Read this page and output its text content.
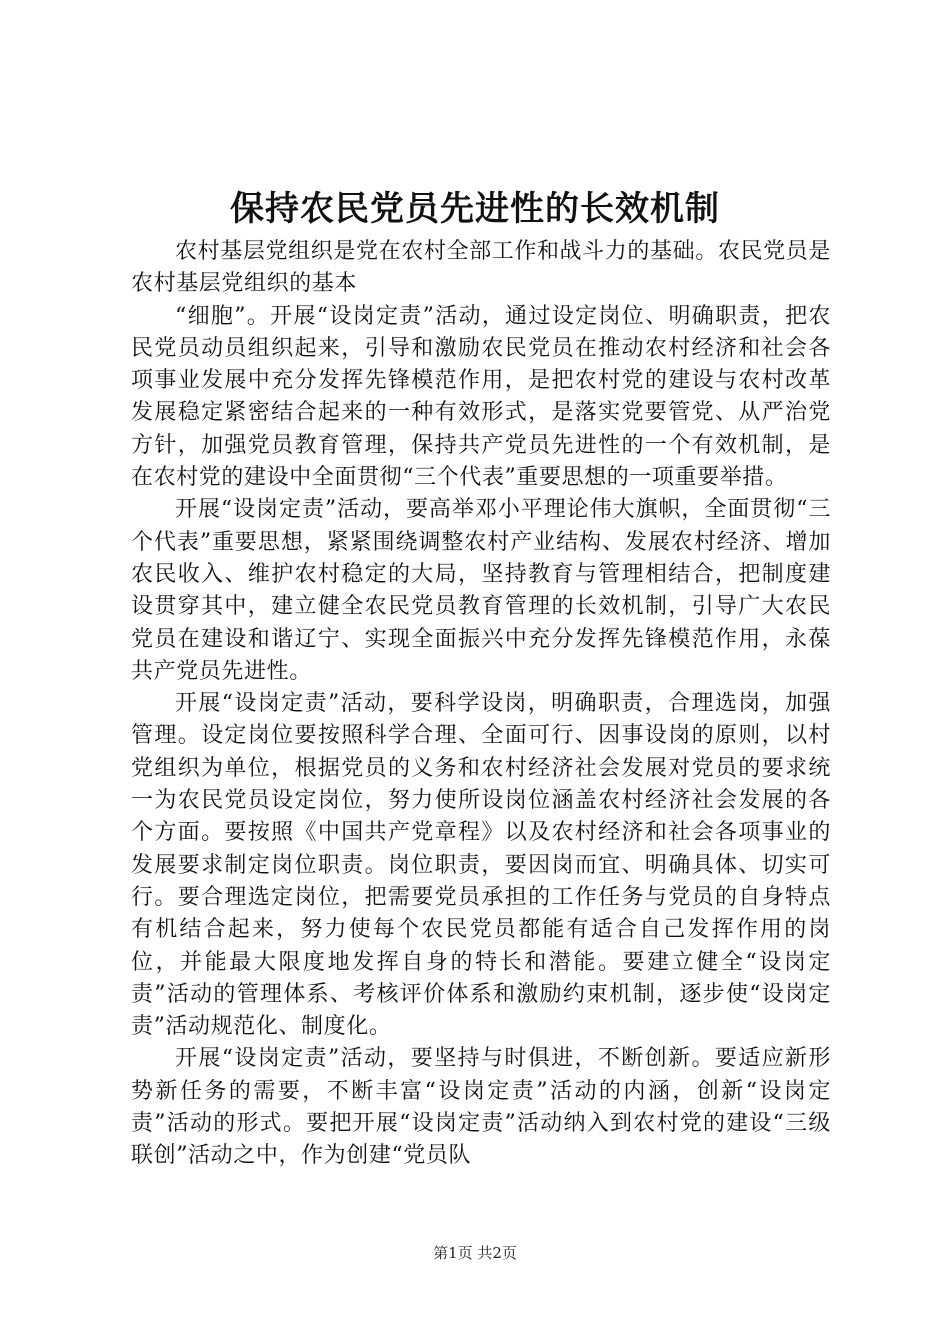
保持农民党员先进性的长效机制

农村基层党组织是党在农村全部工作和战斗力的基础。农民党员是农村基层党组织的基本

“细胞”。开展“设岗定责”活动，通过设定岗位、明确职责，把农民党员动员组织起来，引导和激励农民党员在推动农村经济和社会各项事业发展中充分发挥先锋模范作用，是把农村党的建设与农村改革发展稳定紧密结合起来的一种有效形式，是落实党要管党、从严治党方针，加强党员教育管理，保持共产党员先进性的一个有效机制，是在农村党的建设中全面贯彻“三个代表”重要思想的一项重要举措。

开展“设岗定责”活动，要高举邓小平理论伟大旗帜，全面贯彻“三个代表”重要思想，紧紧围绕调整农村产业结构、发展农村经济、增加农民收入、维护农村稳定的大局，坚持教育与管理相结合，把制度建设贯穿其中，建立健全农民党员教育管理的长效机制，引导广大农民党员在建设和谐辽宁、实现全面振兴中充分发挥先锋模范作用，永葆共产党员先进性。

开展“设岗定责”活动，要科学设岗，明确职责，合理选岗，加强管理。设定岗位要按照科学合理、全面可行、因事设岗的原则，以村党组织为单位，根据党员的义务和农村经济社会发展对党员的要求统一为农民党员设定岗位，努力使所设岗位涵盖农村经济社会发展的各个方面。要按照《中国共产党章程》以及农村经济和社会各项事业的发展要求制定岗位职责。岗位职责，要因岗而宜、明确具体、切实可行。要合理选定岗位，把需要党员承担的工作任务与党员的自身特点有机结合起来，努力使每个农民党员都能有适合自己发挥作用的岗位，并能最大限度地发挥自身的特长和潜能。要建立健全“设岗定责”活动的管理体系、考核评价体系和激励约束机制，逐步使“设岗定责”活动规范化、制度化。

开展“设岗定责”活动，要坚持与时俱进，不断创新。要适应新形势新任务的需要，不断丰富“设岗定责”活动的内涵，创新“设岗定责”活动的形式。要把开展“设岗定责”活动纳入到农村党的建设“三级联创”活动之中，作为创建“党员队

第1页 共2页
